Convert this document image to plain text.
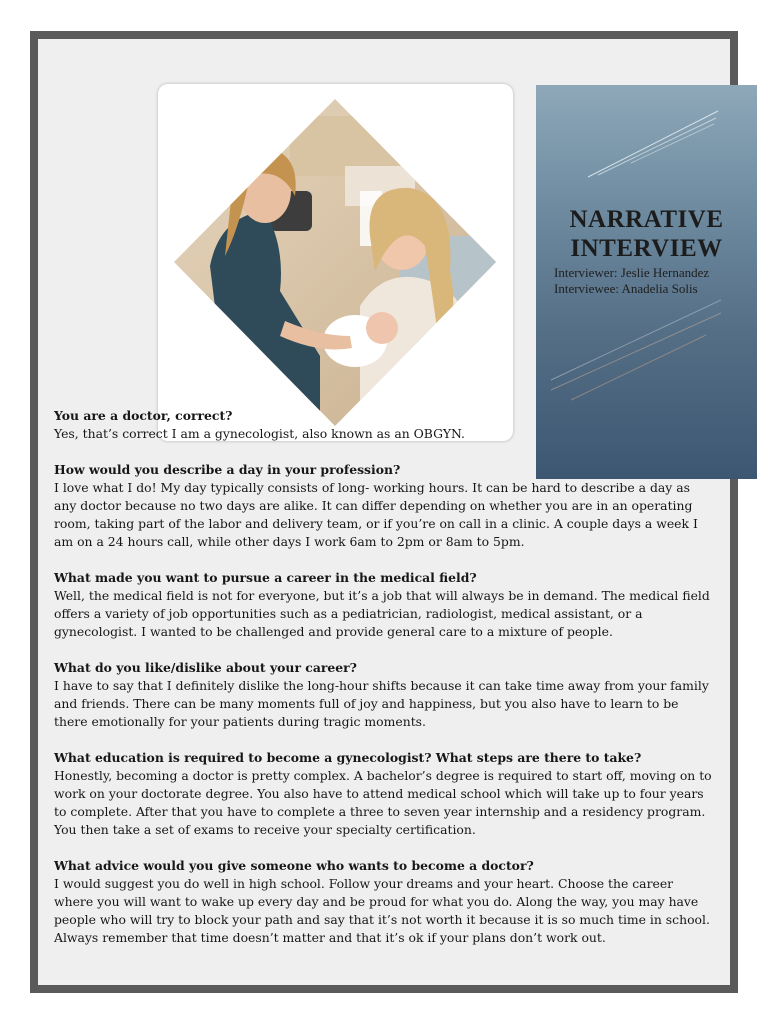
NARRATIVE
INTERVIEW
Interviewer: Jeslie Hernandez
Interviewee: Anadelia Solis
You are a doctor, correct?
Yes, that’s correct I am a gynecologist, also known as an OBGYN.
How would you describe a day in your profession?
I love what I do! My day typically consists of long- working hours. It can be hard to describe a day as any doctor because no two days are alike. It can differ depending on whether you are in an operating room, taking part of the labor and delivery team, or if you’re on call in a clinic. A couple days a week I am on a 24 hours call, while other days I work 6am to 2pm or 8am to 5pm.
What made you want to pursue a career in the medical field?
Well, the medical field is not for everyone, but it’s a job that will always be in demand. The medical field offers a variety of job opportunities such as a pediatrician, radiologist, medical assistant, or a gynecologist. I wanted to be challenged and provide general care to a mixture of people.
What do you like/dislike about your career?
I have to say that I definitely dislike the long-hour shifts because it can take time away from your family and friends. There can be many moments full of joy and happiness, but you also have to learn to be there emotionally for your patients during tragic moments.
What education is required to become a gynecologist? What steps are there to take?
Honestly, becoming a doctor is pretty complex. A bachelor’s degree is required to start off, moving on to work on your doctorate degree. You also have to attend medical school which will take up to four years to complete. After that you have to complete a three to seven year internship and a residency program. You then take a set of exams to receive your specialty certification.
What advice would you give someone who wants to become a doctor?
I would suggest you do well in high school. Follow your dreams and your heart. Choose the career where you will want to wake up every day and be proud for what you do. Along the way, you may have people who will try to block your path and say that it’s not worth it because it is so much time in school. Always remember that time doesn’t matter and that it’s ok if your plans don’t work out.
